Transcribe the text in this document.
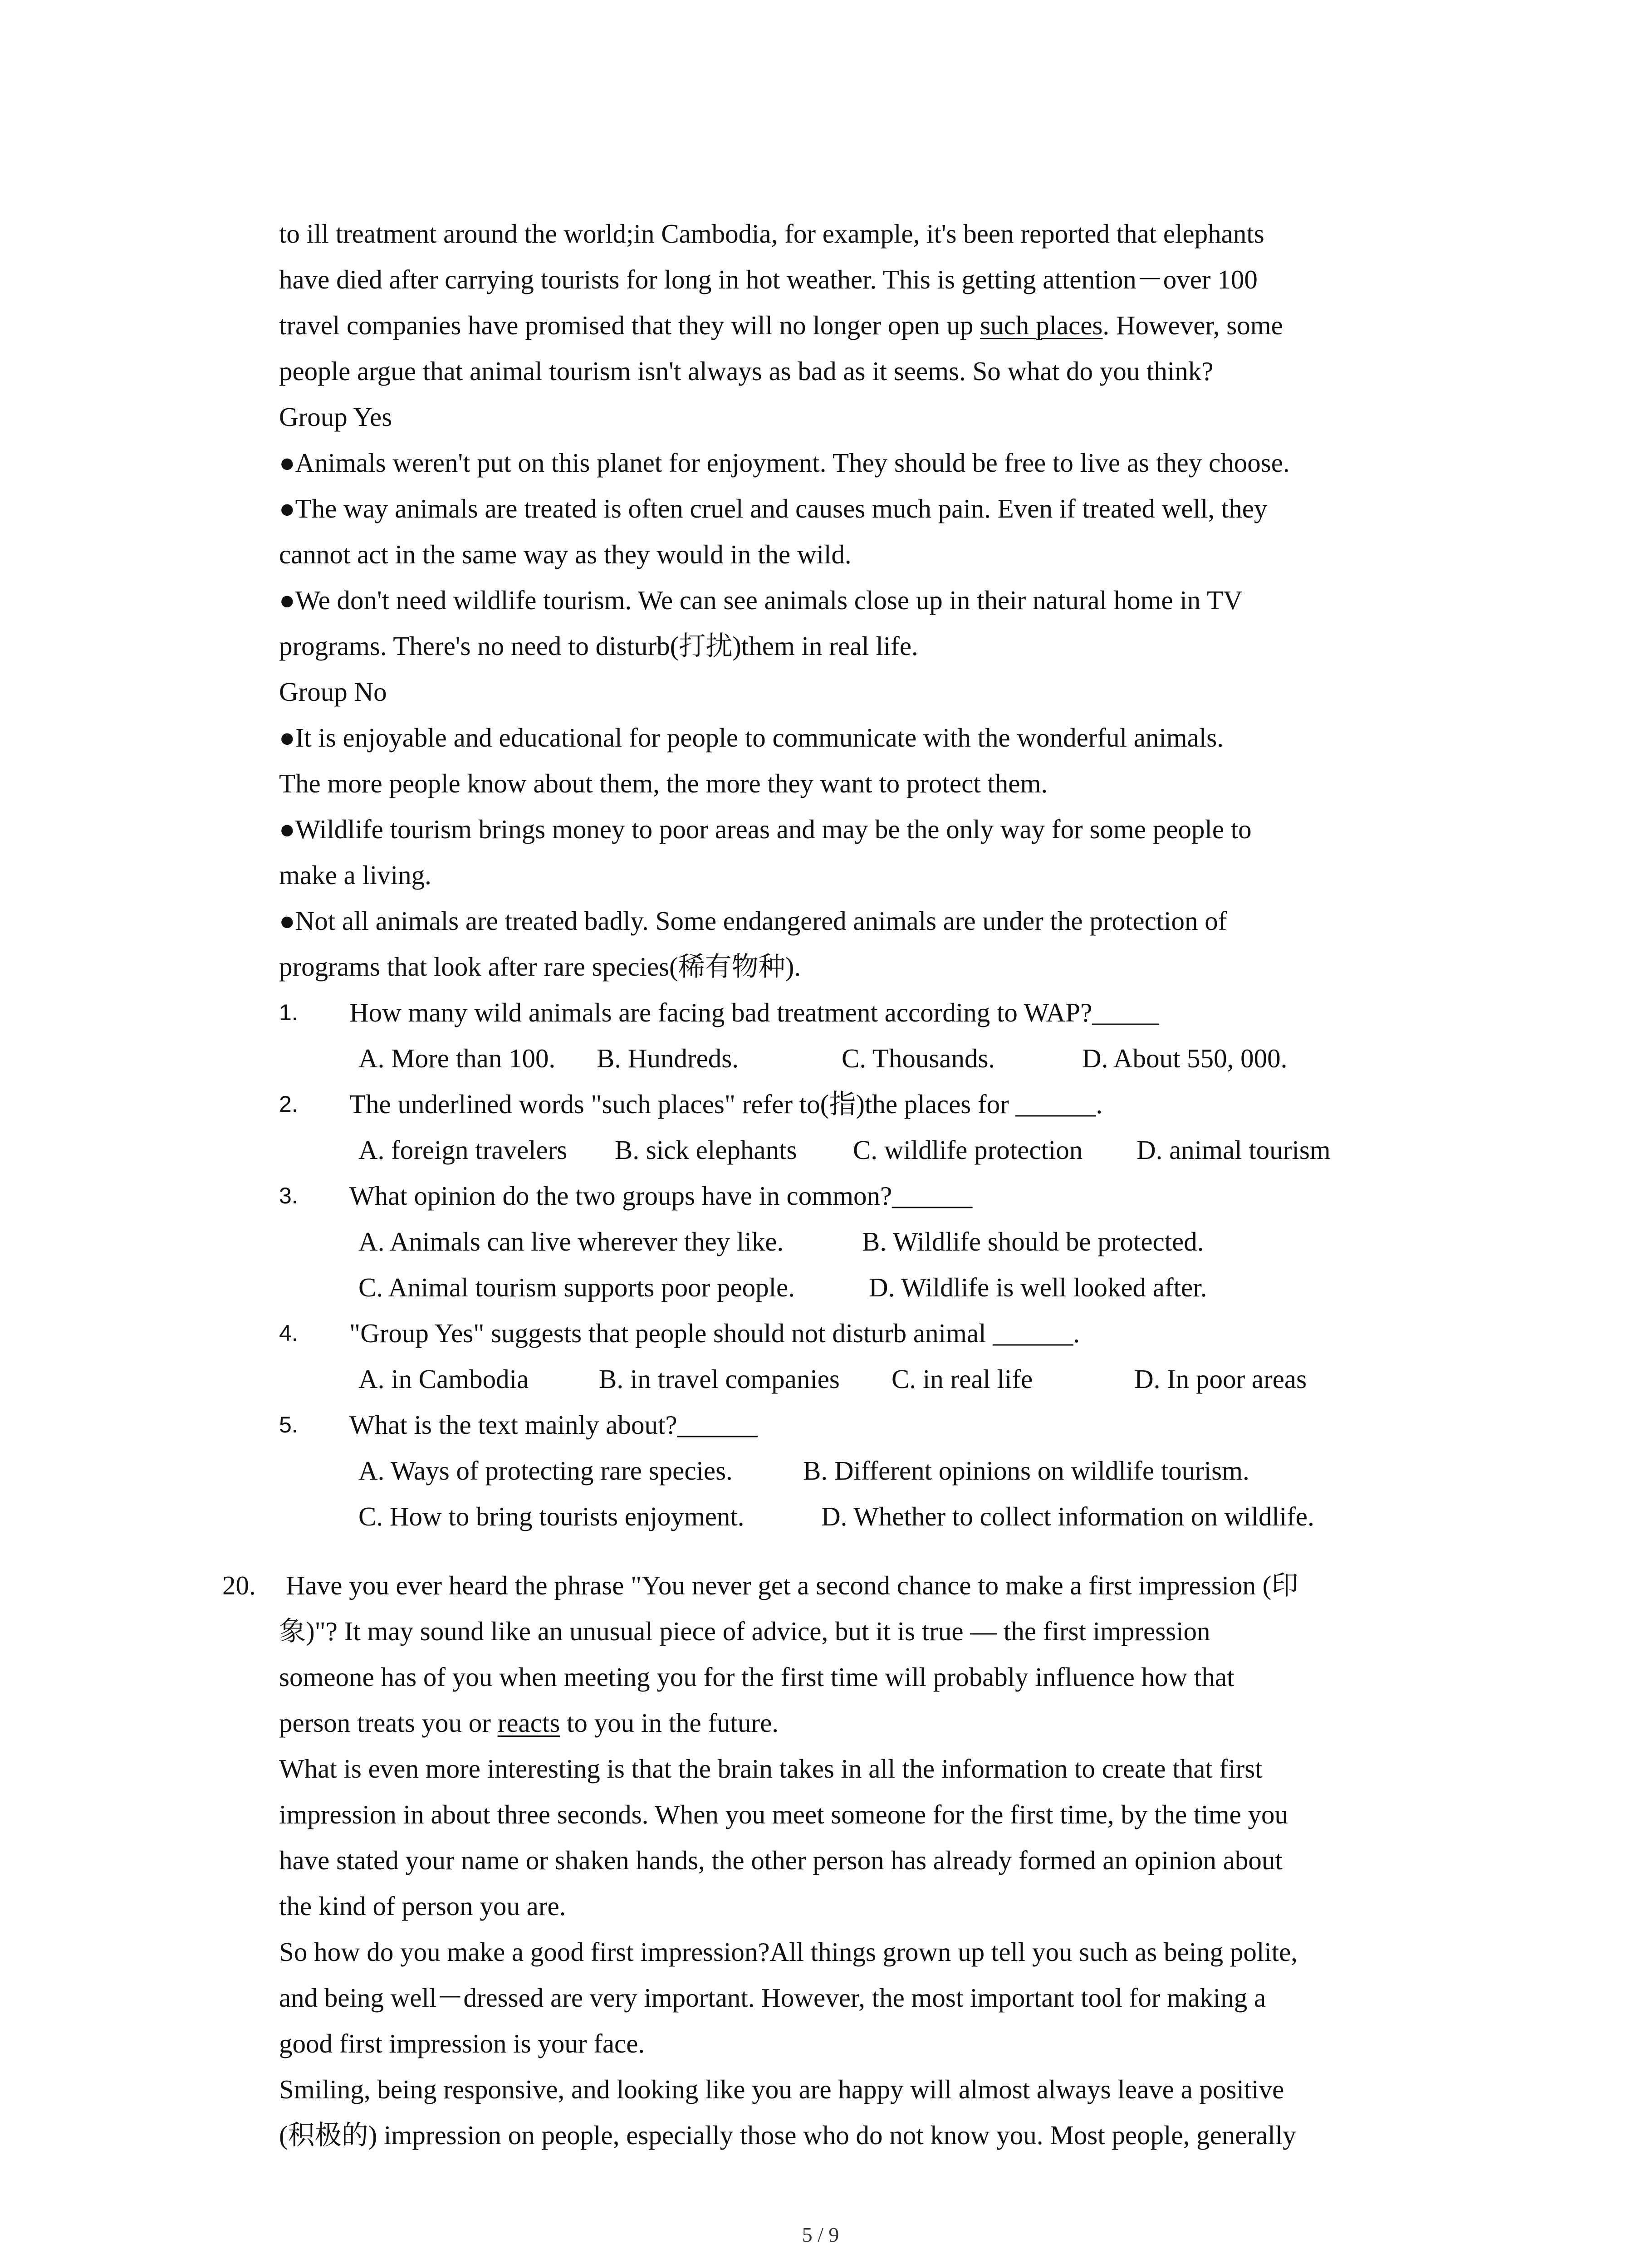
to ill treatment around the world;in Cambodia, for example, it's been reported that elephants

have died after carrying tourists for long in hot weather. This is getting attention－over 100

travel companies have promised that they will no longer open up such places. However, some

people argue that animal tourism isn't always as bad as it seems. So what do you think?

Group Yes

●Animals weren't put on this planet for enjoyment. They should be free to live as they choose.

●The way animals are treated is often cruel and causes much pain. Even if treated well, they

cannot act in the same way as they would in the wild.

●We don't need wildlife tourism. We can see animals close up in their natural home in TV

programs. There's no need to disturb(打扰)them in real life.

Group No

●It is enjoyable and educational for people to communicate with the wonderful animals.

The more people know about them, the more they want to protect them.

●Wildlife tourism brings money to poor areas and may be the only way for some people to

make a living.

●Not all animals are treated badly. Some endangered animals are under the protection of

programs that look after rare species(稀有物种).

1. How many wild animals are facing bad treatment according to WAP?_____

A. More than 100. B. Hundreds.	C. Thousands.	D. About 550, 000.

2. The underlined words "such places" refer to(指)the places for ______.

A. foreign travelers B. sick elephants C. wildlife protection D. animal tourism

3. What opinion do the two groups have in common?______

A. Animals can live wherever they like.	B. Wildlife should be protected.

C. Animal tourism supports poor people.	D. Wildlife is well looked after.

4. "Group Yes" suggests that people should not disturb animal ______.

A. in Cambodia	B. in travel companies C. in real life	D. In poor areas

5. What is the text mainly about?______

A. Ways of protecting rare species.	B. Different opinions on wildlife tourism.

C. How to bring tourists enjoyment.	D. Whether to collect information on wildlife.

20. Have you ever heard the phrase "You never get a second chance to make a first impression (印

象)"? It may sound like an unusual piece of advice, but it is true — the first impression

someone has of you when meeting you for the first time will probably influence how that

person treats you or reacts to you in the future.

What is even more interesting is that the brain takes in all the information to create that first

impression in about three seconds. When you meet someone for the first time, by the time you

have stated your name or shaken hands, the other person has already formed an opinion about

the kind of person you are.

So how do you make a good first impression?All things grown up tell you such as being polite,

and being well－dressed are very important. However, the most important tool for making a

good first impression is your face.

Smiling, being responsive, and looking like you are happy will almost always leave a positive

(积极的) impression on people, especially those who do not know you. Most people, generally

5 / 9
